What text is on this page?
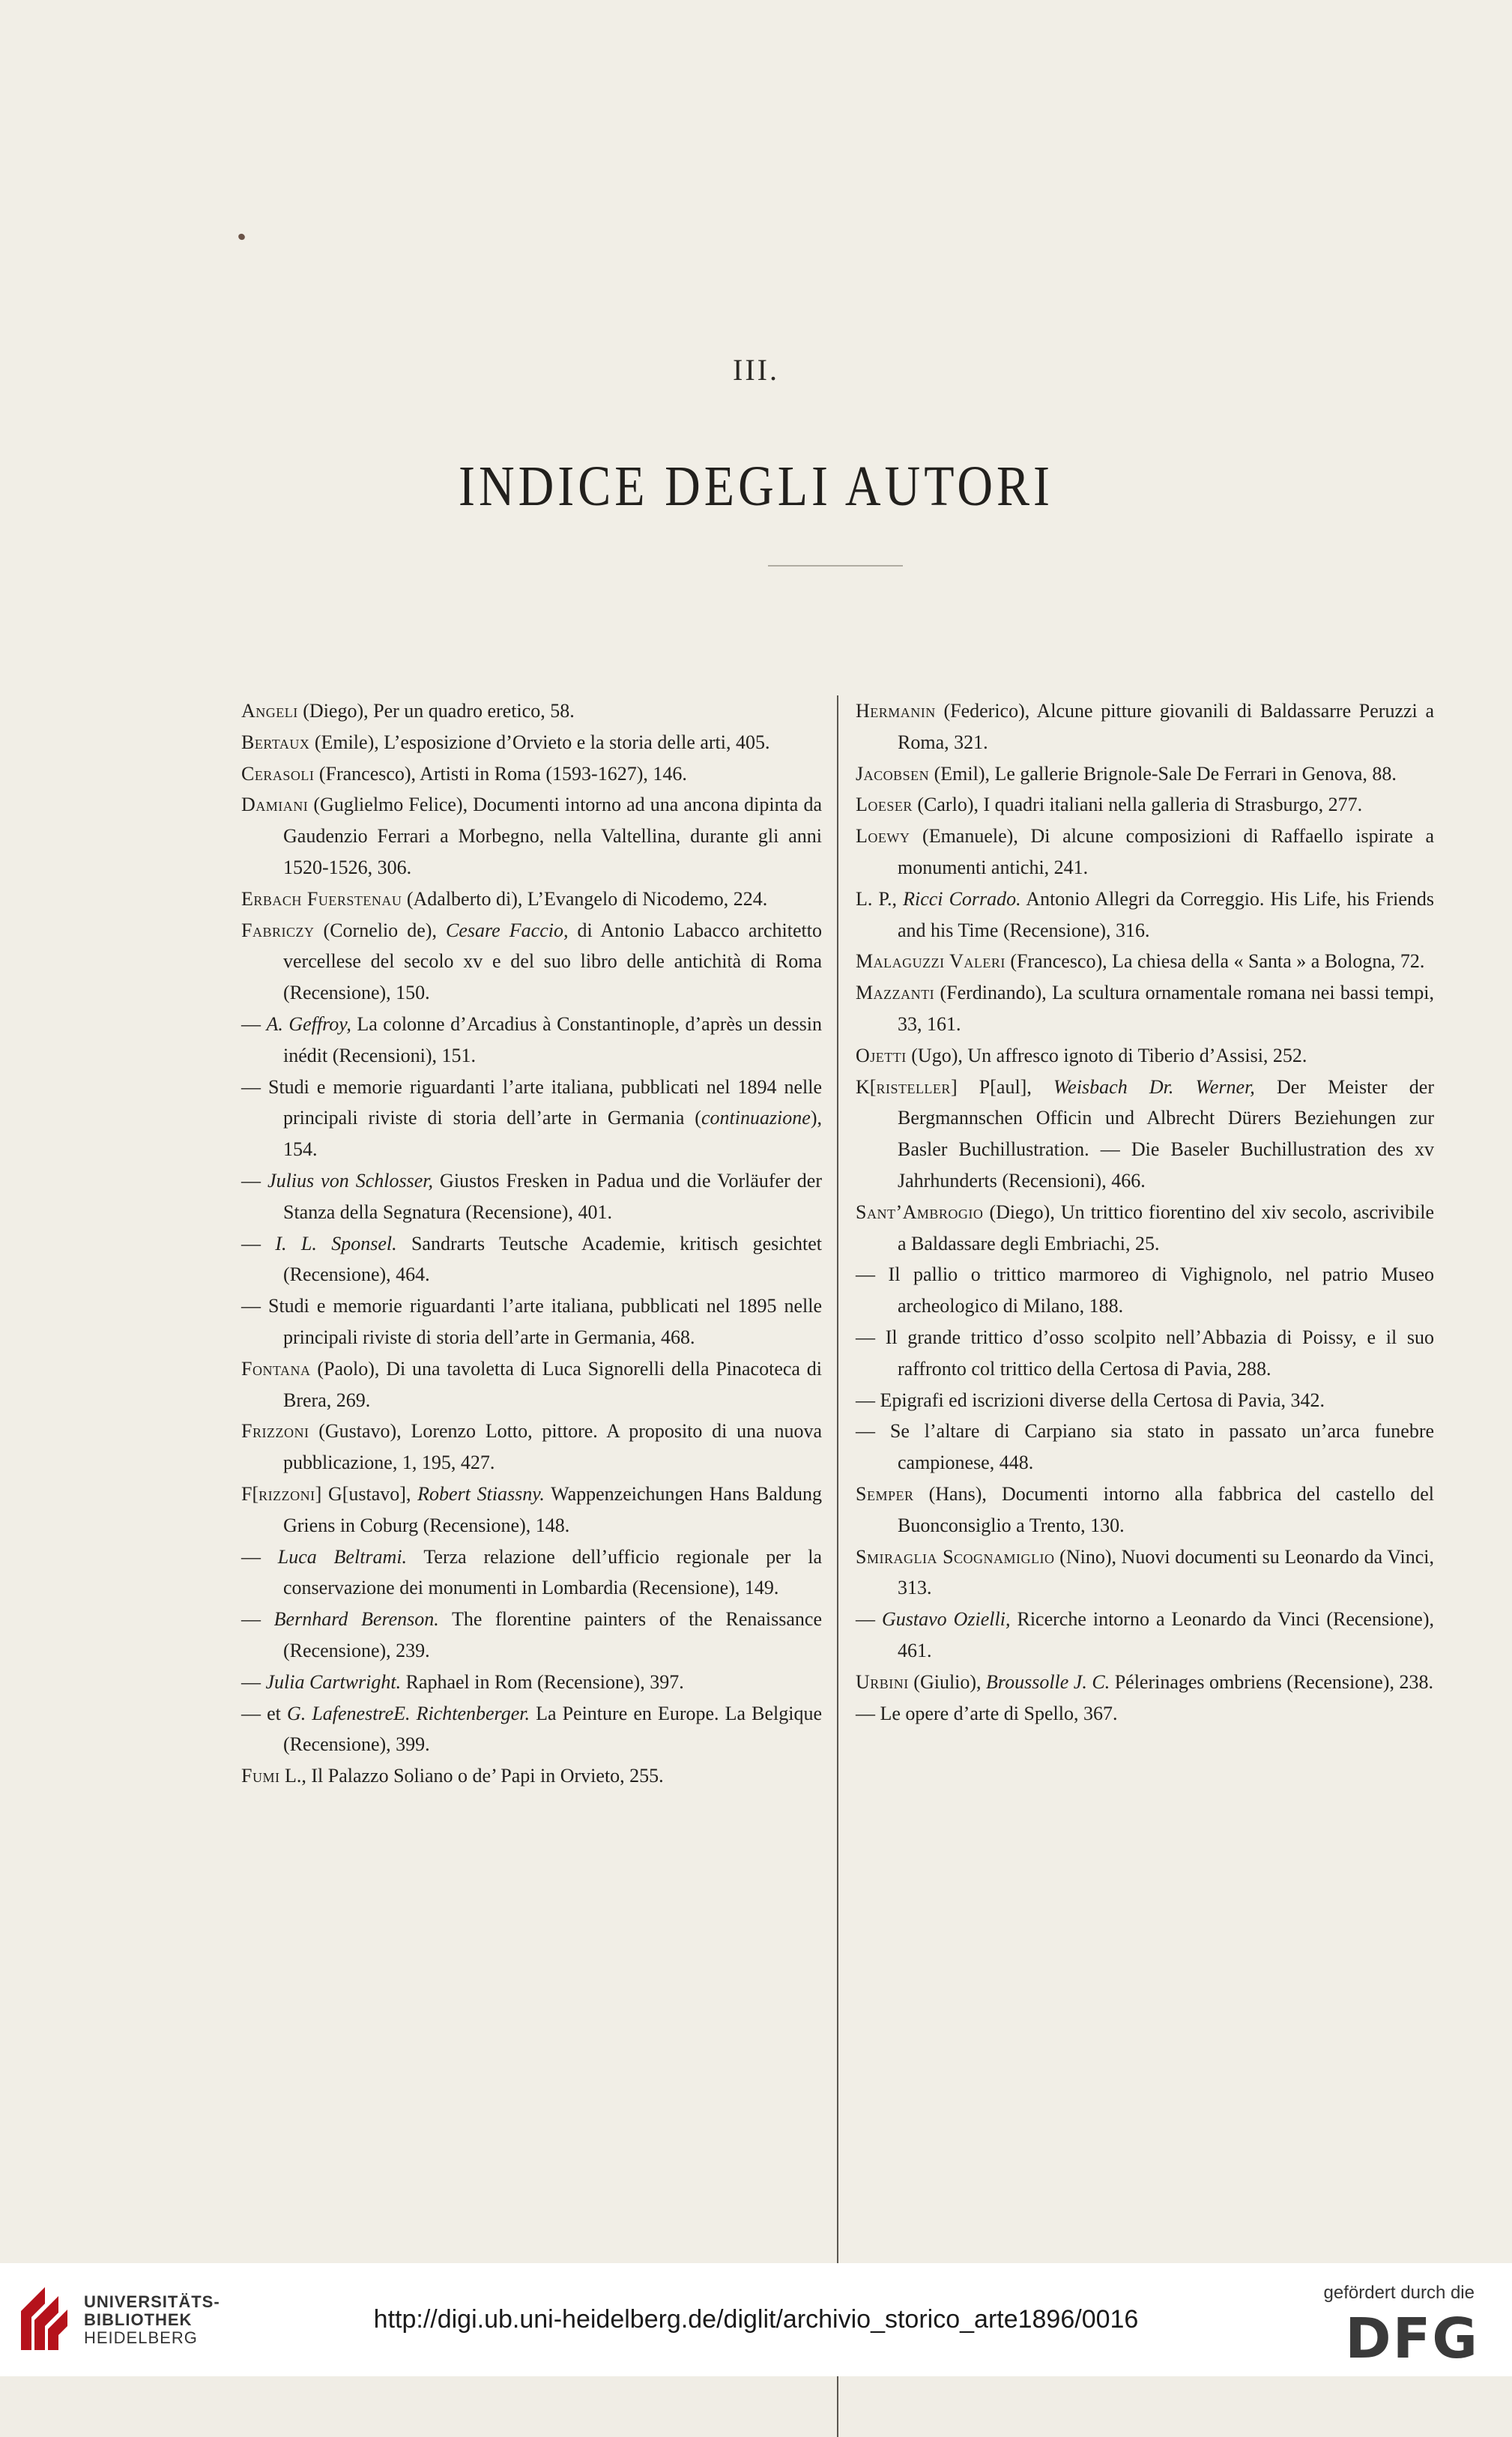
III.
INDICE DEGLI AUTORI

Angeli (Diego), Per un quadro eretico, 58.

Bertaux (Emile), L’esposizione d’Orvieto e la storia delle arti, 405.

Cerasoli (Francesco), Artisti in Roma (1593-1627), 146.

Damiani (Guglielmo Felice), Documenti intorno ad una ancona dipinta da Gaudenzio Ferrari a Morbegno, nella Valtellina, durante gli anni 1520-1526, 306.

Erbach Fuerstenau (Adalberto di), L’Evangelo di Nicodemo, 224.

Fabriczy (Cornelio de), Cesare Faccio, di Antonio Labacco architetto vercellese del secolo xv e del suo libro delle antichità di Roma (Recensione), 150.

— A. Geffroy, La colonne d’Arcadius à Constantinople, d’après un dessin inédit (Recensioni), 151.

— Studi e memorie riguardanti l’arte italiana, pubblicati nel 1894 nelle principali riviste di storia dell’arte in Germania (continuazione), 154.

— Julius von Schlosser, Giustos Fresken in Padua und die Vorläufer der Stanza della Segnatura (Recensione), 401.

— I. L. Sponsel. Sandrarts Teutsche Academie, kritisch gesichtet (Recensione), 464.

— Studi e memorie riguardanti l’arte italiana, pubblicati nel 1895 nelle principali riviste di storia dell’arte in Germania, 468.

Fontana (Paolo), Di una tavoletta di Luca Signorelli della Pinacoteca di Brera, 269.

Frizzoni (Gustavo), Lorenzo Lotto, pittore. A proposito di una nuova pubblicazione, 1, 195, 427.

F[rizzoni] G[ustavo], Robert Stiassny. Wappenzeichungen Hans Baldung Griens in Coburg (Recensione), 148.

— Luca Beltrami. Terza relazione dell’ufficio regionale per la conservazione dei monumenti in Lombardia (Recensione), 149.

— Bernhard Berenson. The florentine painters of the Renaissance (Recensione), 239.

— Julia Cartwright. Raphael in Rom (Recensione), 397.

— et G. LafenestreE. Richtenberger. La Peinture en Europe. La Belgique (Recensione), 399.

Fumi L., Il Palazzo Soliano o de’ Papi in Orvieto, 255.

Hermanin (Federico), Alcune pitture giovanili di Baldassarre Peruzzi a Roma, 321.

Jacobsen (Emil), Le gallerie Brignole-Sale De Ferrari in Genova, 88.

Loeser (Carlo), I quadri italiani nella galleria di Strasburgo, 277.

Loewy (Emanuele), Di alcune composizioni di Raffaello ispirate a monumenti antichi, 241.

L. P., Ricci Corrado. Antonio Allegri da Correggio. His Life, his Friends and his Time (Recensione), 316.

Malaguzzi Valeri (Francesco), La chiesa della « Santa » a Bologna, 72.

Mazzanti (Ferdinando), La scultura ornamentale romana nei bassi tempi, 33, 161.

Ojetti (Ugo), Un affresco ignoto di Tiberio d’Assisi, 252.

K[risteller] P[aul], Weisbach Dr. Werner, Der Meister der Bergmannschen Officin und Albrecht Dürers Beziehungen zur Basler Buchillustration. — Die Baseler Buchillustration des xv Jahrhunderts (Recensioni), 466.

Sant’Ambrogio (Diego), Un trittico fiorentino del xiv secolo, ascrivibile a Baldassare degli Embriachi, 25.

— Il pallio o trittico marmoreo di Vighignolo, nel patrio Museo archeologico di Milano, 188.

— Il grande trittico d’osso scolpito nell’Abbazia di Poissy, e il suo raffronto col trittico della Certosa di Pavia, 288.

— Epigrafi ed iscrizioni diverse della Certosa di Pavia, 342.

— Se l’altare di Carpiano sia stato in passato un’arca funebre campionese, 448.

Semper (Hans), Documenti intorno alla fabbrica del castello del Buonconsiglio a Trento, 130.

Smiraglia Scognamiglio (Nino), Nuovi documenti su Leonardo da Vinci, 313.

— Gustavo Ozielli, Ricerche intorno a Leonardo da Vinci (Recensione), 461.

Urbini (Giulio), Broussolle J. C. Pélerinages ombriens (Recensione), 238.

— Le opere d’arte di Spello, 367.

UNIVERSITÄTS-
BIBLIOTHEK
HEIDELBERG
http://digi.ub.uni-heidelberg.de/diglit/archivio_storico_arte1896/0016
gefördert durch die
DFG
